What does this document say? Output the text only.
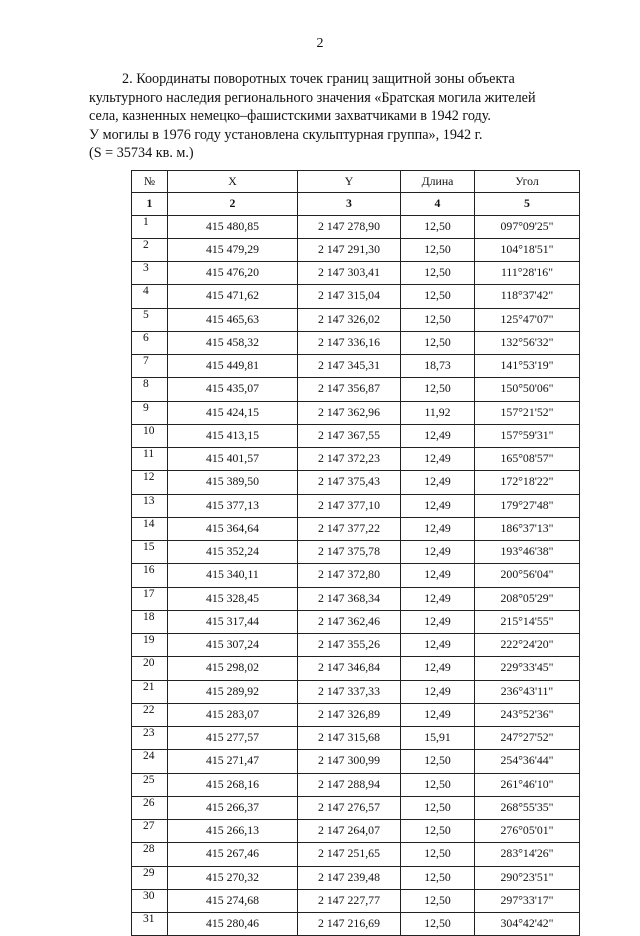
2

2. Координаты поворотных точек границ защитной зоны объекта

культурного наследия регионального значения «Братская могила жителей

села, казненных немецко–фашистскими захватчиками в 1942 году.

У могилы в 1976 году установлена скульптурная группа», 1942 г.

(S = 35734 кв. м.)

№	X	Y	Длина	Угол
1	2	3	4	5
1	415 480,85	2 147 278,90	12,50	097°09'25"
2	415 479,29	2 147 291,30	12,50	104°18'51"
3	415 476,20	2 147 303,41	12,50	111°28'16"
4	415 471,62	2 147 315,04	12,50	118°37'42"
5	415 465,63	2 147 326,02	12,50	125°47'07"
6	415 458,32	2 147 336,16	12,50	132°56'32"
7	415 449,81	2 147 345,31	18,73	141°53'19"
8	415 435,07	2 147 356,87	12,50	150°50'06"
9	415 424,15	2 147 362,96	11,92	157°21'52"
10	415 413,15	2 147 367,55	12,49	157°59'31"
11	415 401,57	2 147 372,23	12,49	165°08'57"
12	415 389,50	2 147 375,43	12,49	172°18'22"
13	415 377,13	2 147 377,10	12,49	179°27'48"
14	415 364,64	2 147 377,22	12,49	186°37'13"
15	415 352,24	2 147 375,78	12,49	193°46'38"
16	415 340,11	2 147 372,80	12,49	200°56'04"
17	415 328,45	2 147 368,34	12,49	208°05'29"
18	415 317,44	2 147 362,46	12,49	215°14'55"
19	415 307,24	2 147 355,26	12,49	222°24'20"
20	415 298,02	2 147 346,84	12,49	229°33'45"
21	415 289,92	2 147 337,33	12,49	236°43'11"
22	415 283,07	2 147 326,89	12,49	243°52'36"
23	415 277,57	2 147 315,68	15,91	247°27'52"
24	415 271,47	2 147 300,99	12,50	254°36'44"
25	415 268,16	2 147 288,94	12,50	261°46'10"
26	415 266,37	2 147 276,57	12,50	268°55'35"
27	415 266,13	2 147 264,07	12,50	276°05'01"
28	415 267,46	2 147 251,65	12,50	283°14'26"
29	415 270,32	2 147 239,48	12,50	290°23'51"
30	415 274,68	2 147 227,77	12,50	297°33'17"
31	415 280,46	2 147 216,69	12,50	304°42'42"
